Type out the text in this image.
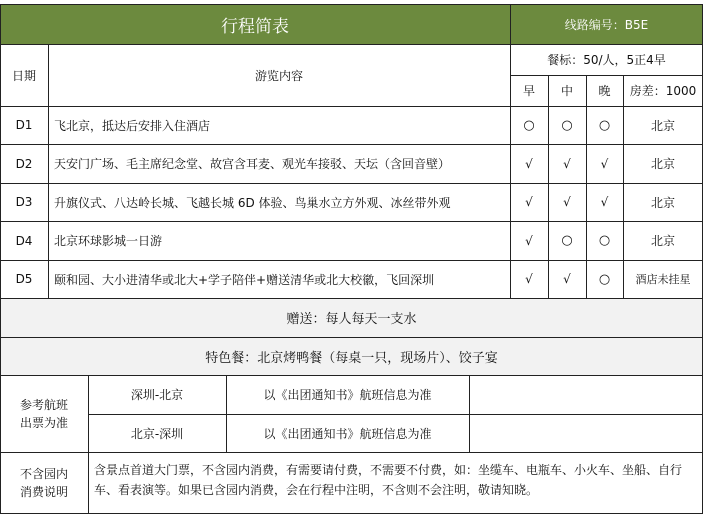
行程简表	线路编号：B5E
日期	游览内容
餐标：50/人，5正4早
早	中	晚	房差：1000
D1	飞北京，抵达后安排入住酒店	○	○	○	北京
D2	天安门广场、毛主席纪念堂、故宫含耳麦、观光车接驳、天坛（含回音壁）	√	√	√	北京
D3	升旗仪式、八达岭长城、飞越长城 6D 体验、鸟巢水立方外观、冰丝带外观	√	√	√	北京
D4	北京环球影城一日游	√	○	○	北京
D5	颐和园、大小进清华或北大+学子陪伴+赠送清华或北大校徽，飞回深圳	√	√	○	酒店未挂星
赠送：每人每天一支水
特色餐：北京烤鸭餐（每桌一只，现场片）、饺子宴
参考航班
出票为准
深圳-北京	以《出团通知书》航班信息为准
北京-深圳	以《出团通知书》航班信息为准
不含园内
消费说明
含景点首道大门票，不含园内消费，有需要请付费，不需要不付费，如：坐缆车、电瓶车、小火车、坐船、自行车、看表演等。如果已含园内消费，会在行程中注明，不含则不会注明，敬请知晓。
